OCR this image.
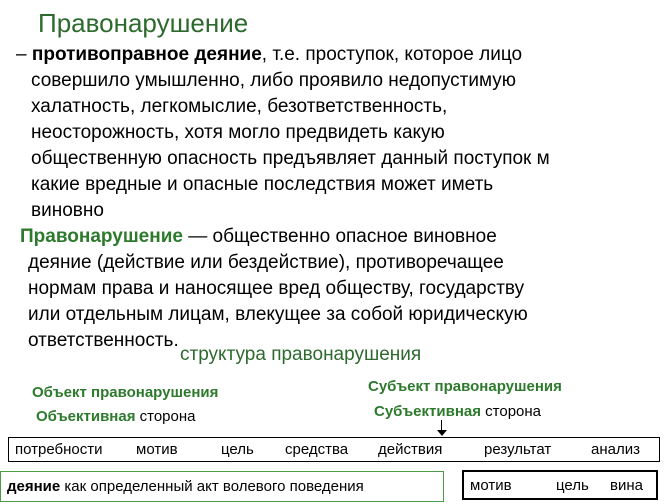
Правонарушение
– противоправное деяние, т.е. проступок, которое лицо
совершило умышленно, либо проявило недопустимую
халатность, легкомыслие, безответственность,
неосторожность, хотя могло предвидеть какую
общественную опасность предъявляет данный поступок м
какие вредные и опасные последствия может иметь
виновно
Правонарушение — общественно опасное виновное
деяние (действие или бездействие), противоречащее
нормам права и наносящее вред обществу, государству
или отдельным лицам, влекущее за собой юридическую
ответственность.
структура правонарушения
Объект правонарушения
Объективная сторона
Субъект правонарушения
Субъективная сторона
потребности мотив	цель средства действия	результат	анализ
деяние как определенный акт волевого поведения	мотив	цель вина
